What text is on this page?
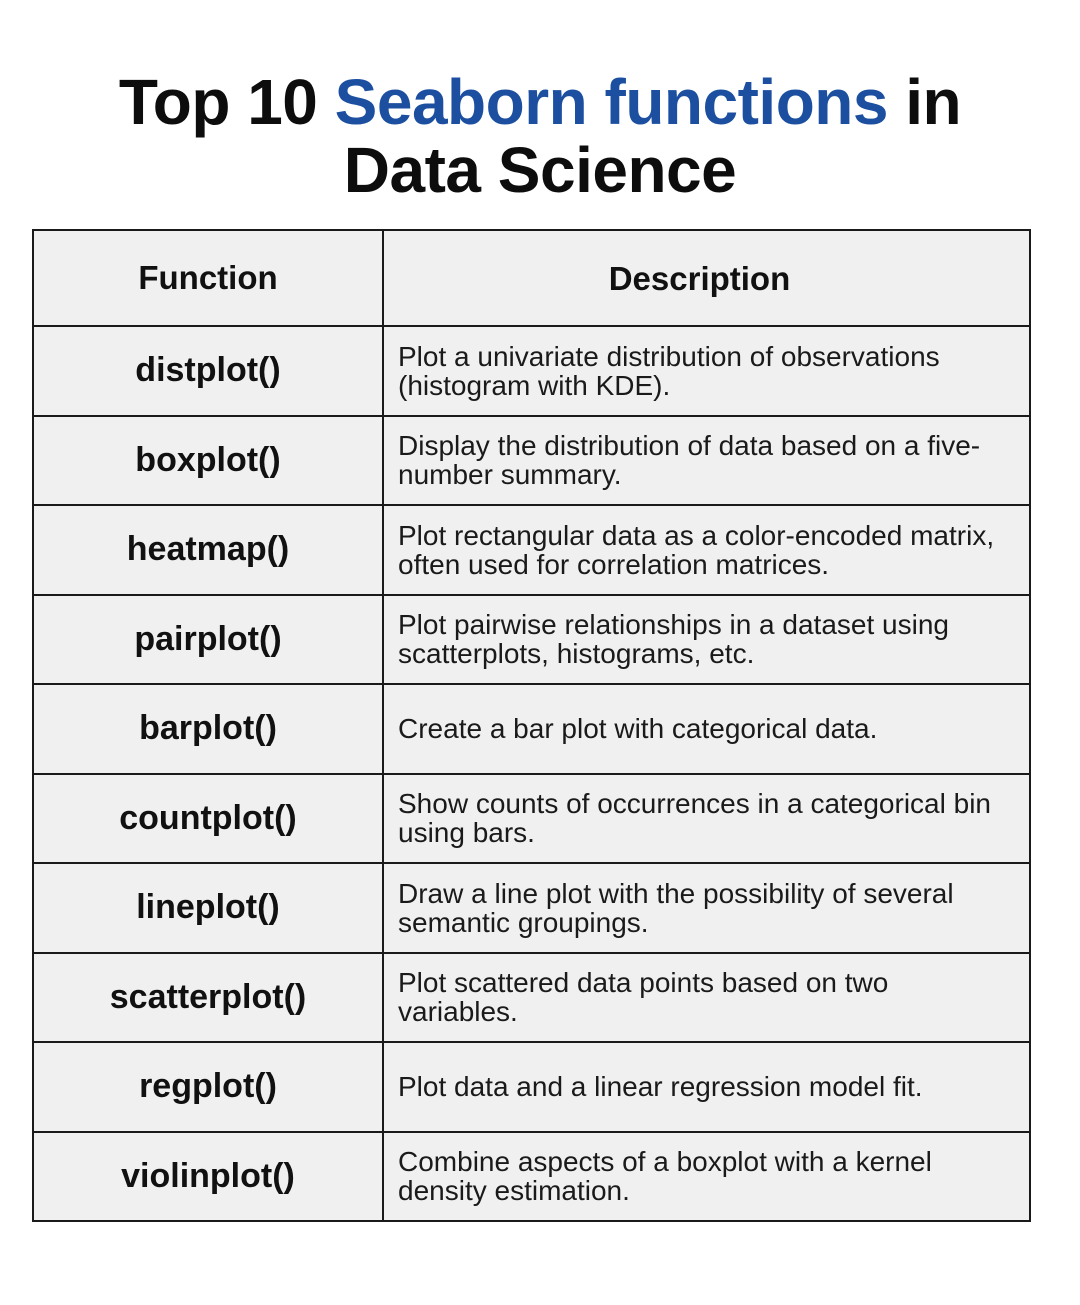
Top 10 Seaborn functions in
Data Science
Function	Description
distplot()	Plot a univariate distribution of observations (histogram with KDE).
boxplot()	Display the distribution of data based on a five-number summary.
heatmap()	Plot rectangular data as a color-encoded matrix, often used for correlation matrices.
pairplot()	Plot pairwise relationships in a dataset using scatterplots, histograms, etc.
barplot()	Create a bar plot with categorical data.
countplot()	Show counts of occurrences in a categorical bin using bars.
lineplot()	Draw a line plot with the possibility of several semantic groupings.
scatterplot()	Plot scattered data points based on two variables.
regplot()	Plot data and a linear regression model fit.
violinplot()	Combine aspects of a boxplot with a kernel density estimation.
